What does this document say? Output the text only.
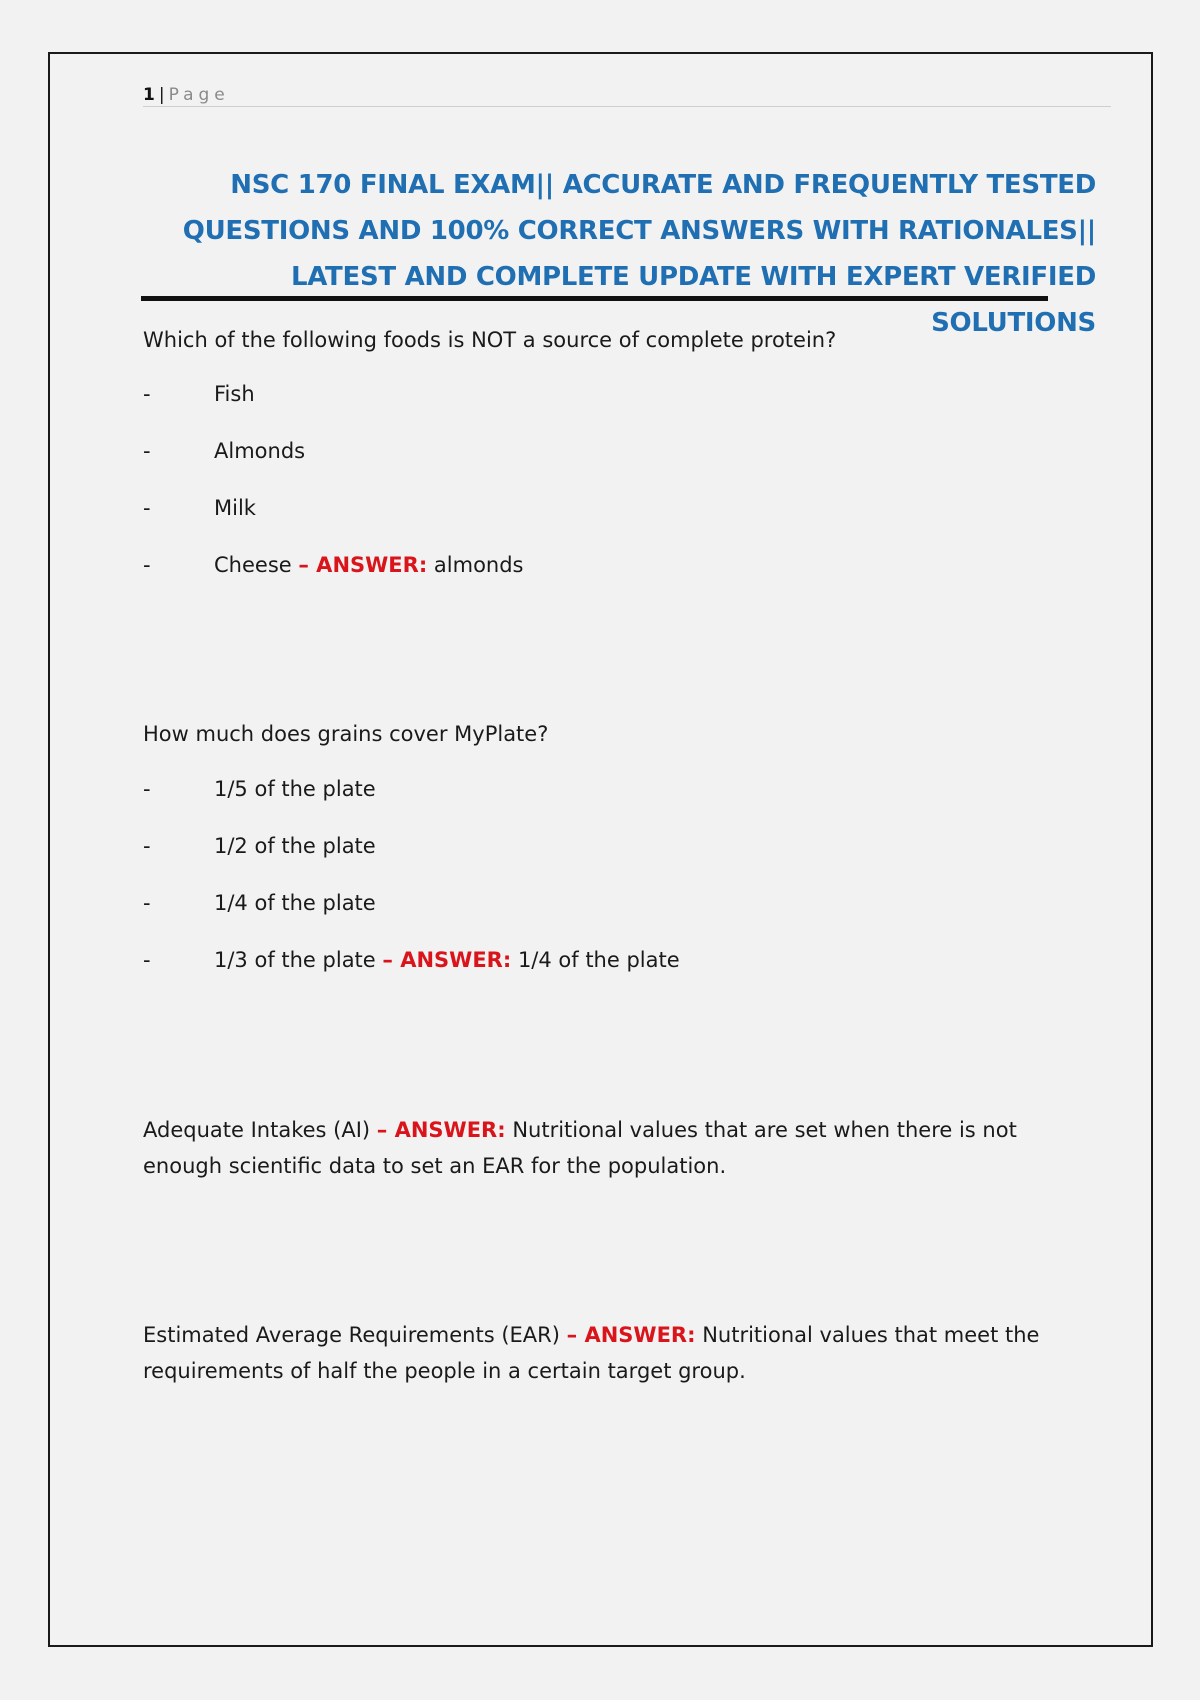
1 | Page
NSC 170 FINAL EXAM|| ACCURATE AND FREQUENTLY TESTED
QUESTIONS AND 100% CORRECT ANSWERS WITH RATIONALES||
LATEST AND COMPLETE UPDATE WITH EXPERT VERIFIED SOLUTIONS
Which of the following foods is NOT a source of complete protein?
-	Fish
-	Almonds
-	Milk
-	Cheese – ANSWER: almonds
How much does grains cover MyPlate?
-	1/5 of the plate
-	1/2 of the plate
-	1/4 of the plate
-	1/3 of the plate – ANSWER: 1/4 of the plate
Adequate Intakes (AI) – ANSWER: Nutritional values that are set when there is not enough scientific data to set an EAR for the population.
Estimated Average Requirements (EAR) – ANSWER: Nutritional values that meet the requirements of half the people in a certain target group.
